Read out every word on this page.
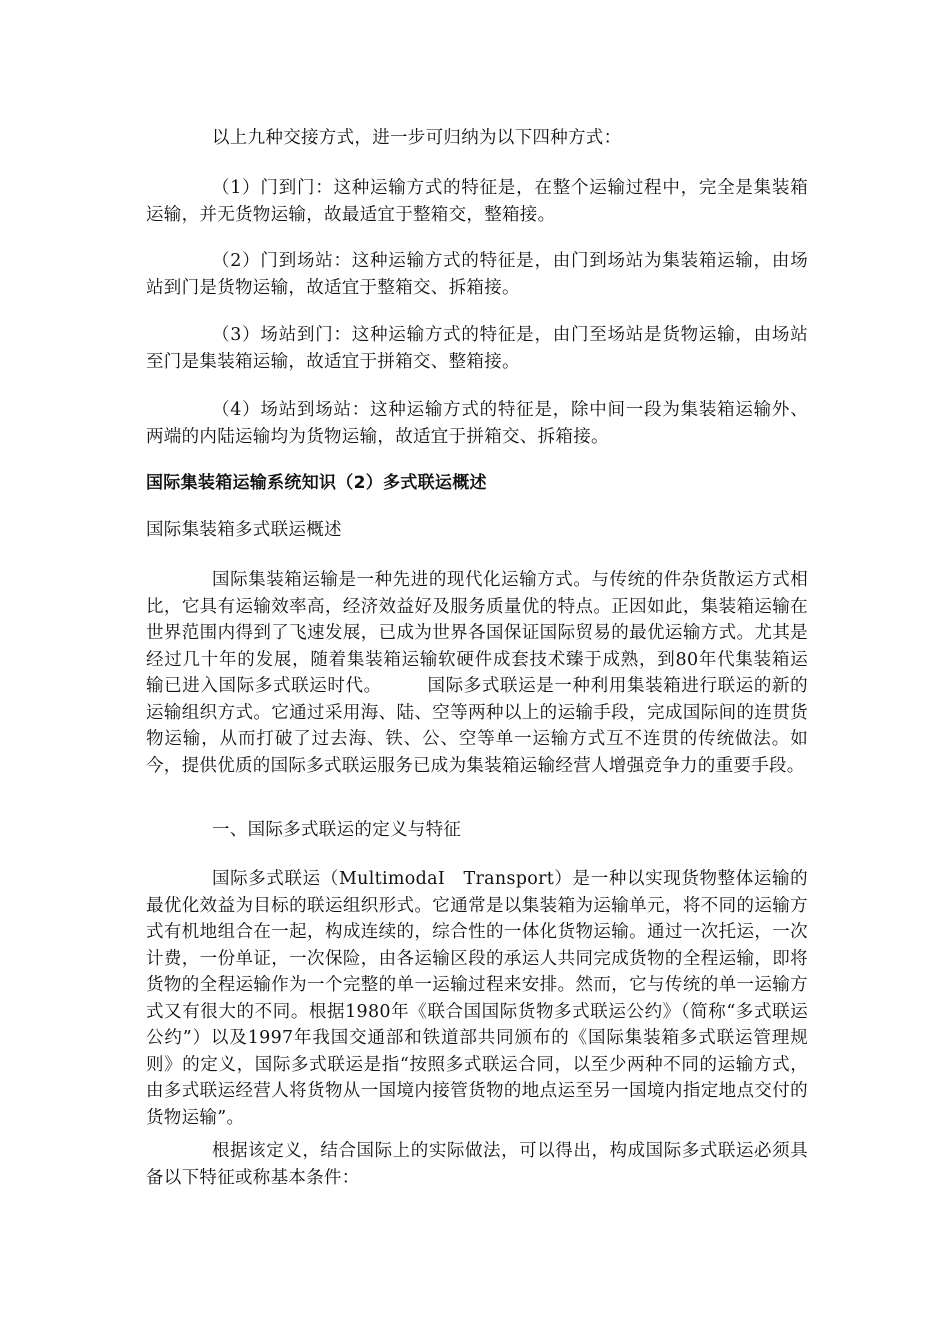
以上九种交接方式，进一步可归纳为以下四种方式：

（1）门到门：这种运输方式的特征是，在整个运输过程中，完全是集装箱运输，并无货物运输，故最适宜于整箱交，整箱接。

（2）门到场站：这种运输方式的特征是，由门到场站为集装箱运输，由场站到门是货物运输，故适宜于整箱交、拆箱接。

（3）场站到门：这种运输方式的特征是，由门至场站是货物运输，由场站至门是集装箱运输，故适宜于拼箱交、整箱接。

（4）场站到场站：这种运输方式的特征是，除中间一段为集装箱运输外、两端的内陆运输均为货物运输，故适宜于拼箱交、拆箱接。

国际集装箱运输系统知识（2）多式联运概述

国际集装箱多式联运概述

国际集装箱运输是一种先进的现代化运输方式。与传统的件杂货散运方式相比，它具有运输效率高，经济效益好及服务质量优的特点。正因如此，集装箱运输在世界范围内得到了飞速发展，已成为世界各国保证国际贸易的最优运输方式。尤其是经过几十年的发展，随着集装箱运输软硬件成套技术臻于成熟，到80年代集装箱运输已进入国际多式联运时代。　　　国际多式联运是一种利用集装箱进行联运的新的运输组织方式。它通过采用海、陆、空等两种以上的运输手段，完成国际间的连贯货物运输，从而打破了过去海、铁、公、空等单一运输方式互不连贯的传统做法。如今，提供优质的国际多式联运服务已成为集装箱运输经营人增强竞争力的重要手段。

一、国际多式联运的定义与特征

国际多式联运（MultimodaI　Transport）是一种以实现货物整体运输的最优化效益为目标的联运组织形式。它通常是以集装箱为运输单元，将不同的运输方式有机地组合在一起，构成连续的，综合性的一体化货物运输。通过一次托运，一次计费，一份单证，一次保险，由各运输区段的承运人共同完成货物的全程运输，即将货物的全程运输作为一个完整的单一运输过程来安排。然而，它与传统的单一运输方式又有很大的不同。根据1980年《联合国国际货物多式联运公约》（简称“多式联运公约”）以及1997年我国交通部和铁道部共同颁布的《国际集装箱多式联运管理规则》的定义，国际多式联运是指“按照多式联运合同，以至少两种不同的运输方式，由多式联运经营人将货物从一国境内接管货物的地点运至另一国境内指定地点交付的货物运输”。

根据该定义，结合国际上的实际做法，可以得出，构成国际多式联运必须具备以下特征或称基本条件：
